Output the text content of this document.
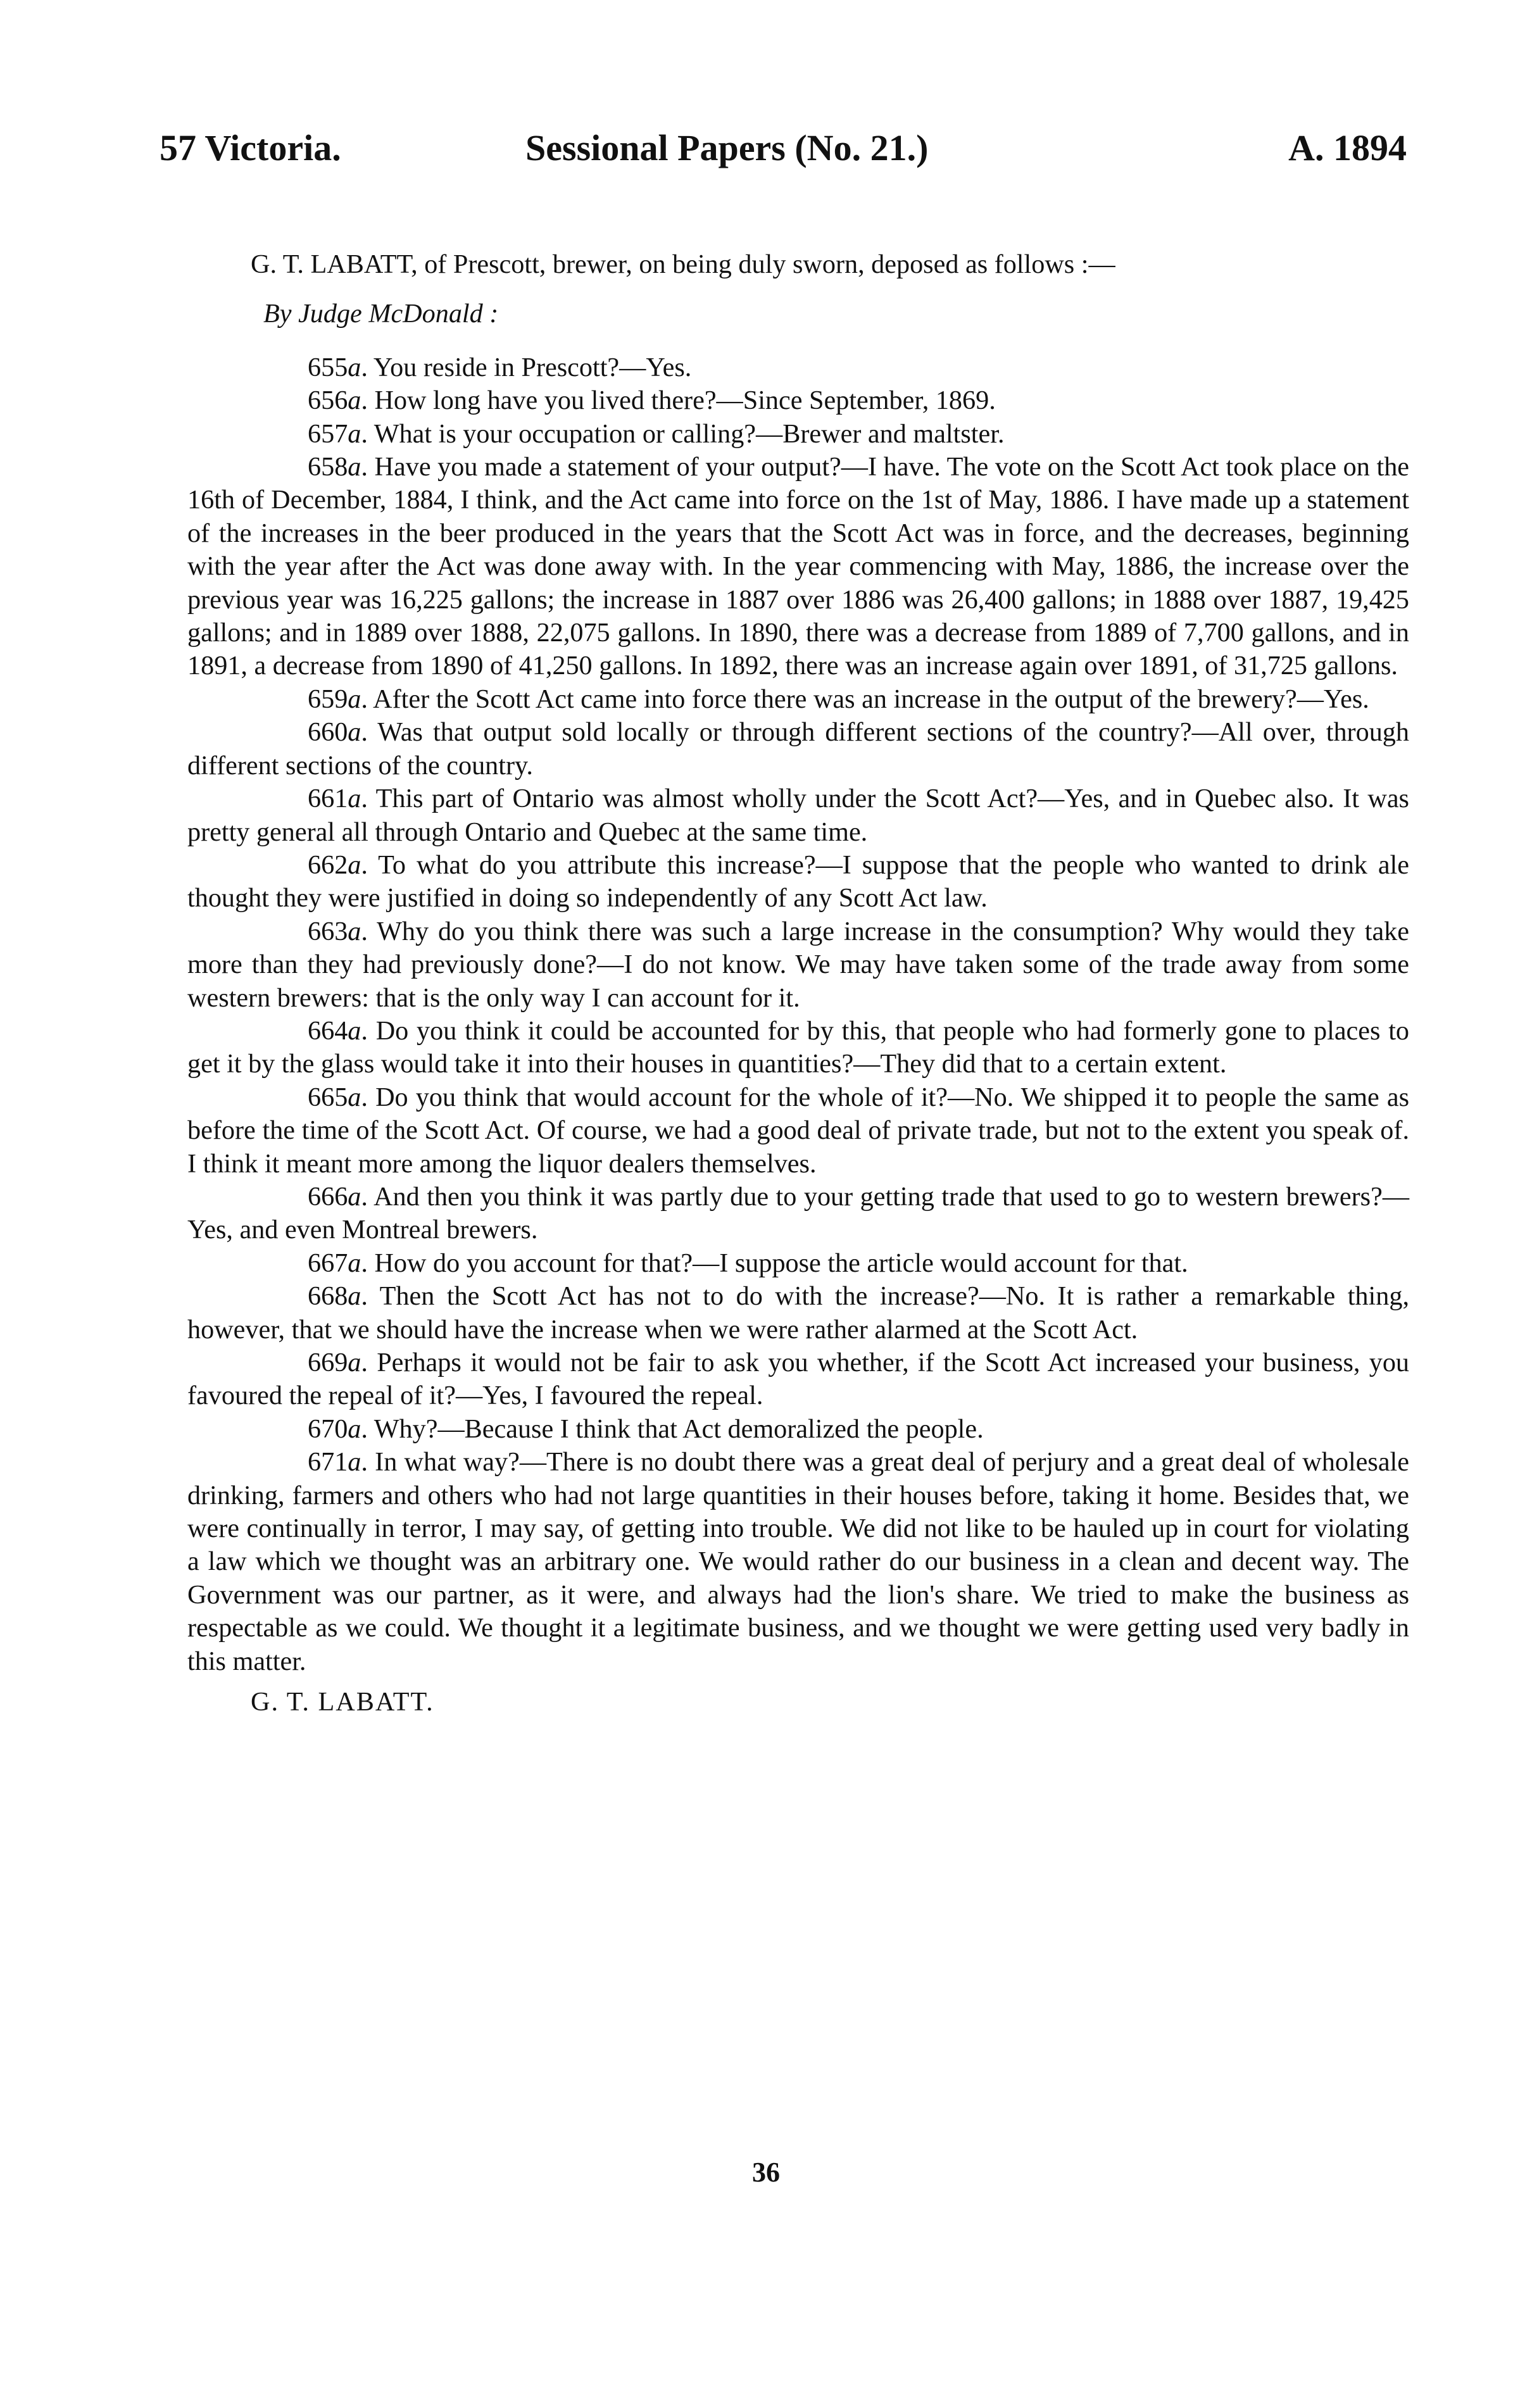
57 Victoria.	Sessional Papers (No. 21.)	A. 1894

G. T. LABATT, of Prescott, brewer, on being duly sworn, deposed as follows :—

By Judge McDonald :

655a. You reside in Prescott?—Yes.

656a. How long have you lived there?—Since September, 1869.

657a. What is your occupation or calling?—Brewer and maltster.

658a. Have you made a statement of your output?—I have. The vote on the Scott Act took place on the 16th of December, 1884, I think, and the Act came into force on the 1st of May, 1886. I have made up a statement of the increases in the beer produced in the years that the Scott Act was in force, and the decreases, beginning with the year after the Act was done away with. In the year commencing with May, 1886, the increase over the previous year was 16,225 gallons; the increase in 1887 over 1886 was 26,400 gallons; in 1888 over 1887, 19,425 gallons; and in 1889 over 1888, 22,075 gallons. In 1890, there was a decrease from 1889 of 7,700 gallons, and in 1891, a decrease from 1890 of 41,250 gallons. In 1892, there was an increase again over 1891, of 31,725 gallons.

659a. After the Scott Act came into force there was an increase in the output of the brewery?—Yes.

660a. Was that output sold locally or through different sections of the country?—All over, through different sections of the country.

661a. This part of Ontario was almost wholly under the Scott Act?—Yes, and in Quebec also. It was pretty general all through Ontario and Quebec at the same time.

662a. To what do you attribute this increase?—I suppose that the people who wanted to drink ale thought they were justified in doing so independently of any Scott Act law.

663a. Why do you think there was such a large increase in the consumption? Why would they take more than they had previously done?—I do not know. We may have taken some of the trade away from some western brewers: that is the only way I can account for it.

664a. Do you think it could be accounted for by this, that people who had formerly gone to places to get it by the glass would take it into their houses in quantities?—They did that to a certain extent.

665a. Do you think that would account for the whole of it?—No. We shipped it to people the same as before the time of the Scott Act. Of course, we had a good deal of private trade, but not to the extent you speak of. I think it meant more among the liquor dealers themselves.

666a. And then you think it was partly due to your getting trade that used to go to western brewers?—Yes, and even Montreal brewers.

667a. How do you account for that?—I suppose the article would account for that.

668a. Then the Scott Act has not to do with the increase?—No. It is rather a remarkable thing, however, that we should have the increase when we were rather alarmed at the Scott Act.

669a. Perhaps it would not be fair to ask you whether, if the Scott Act increased your business, you favoured the repeal of it?—Yes, I favoured the repeal.

670a. Why?—Because I think that Act demoralized the people.

671a. In what way?—There is no doubt there was a great deal of perjury and a great deal of wholesale drinking, farmers and others who had not large quantities in their houses before, taking it home. Besides that, we were continually in terror, I may say, of getting into trouble. We did not like to be hauled up in court for violating a law which we thought was an arbitrary one. We would rather do our business in a clean and decent way. The Government was our partner, as it were, and always had the lion's share. We tried to make the business as respectable as we could. We thought it a legitimate business, and we thought we were getting used very badly in this matter.

G. T. LABATT.

36
